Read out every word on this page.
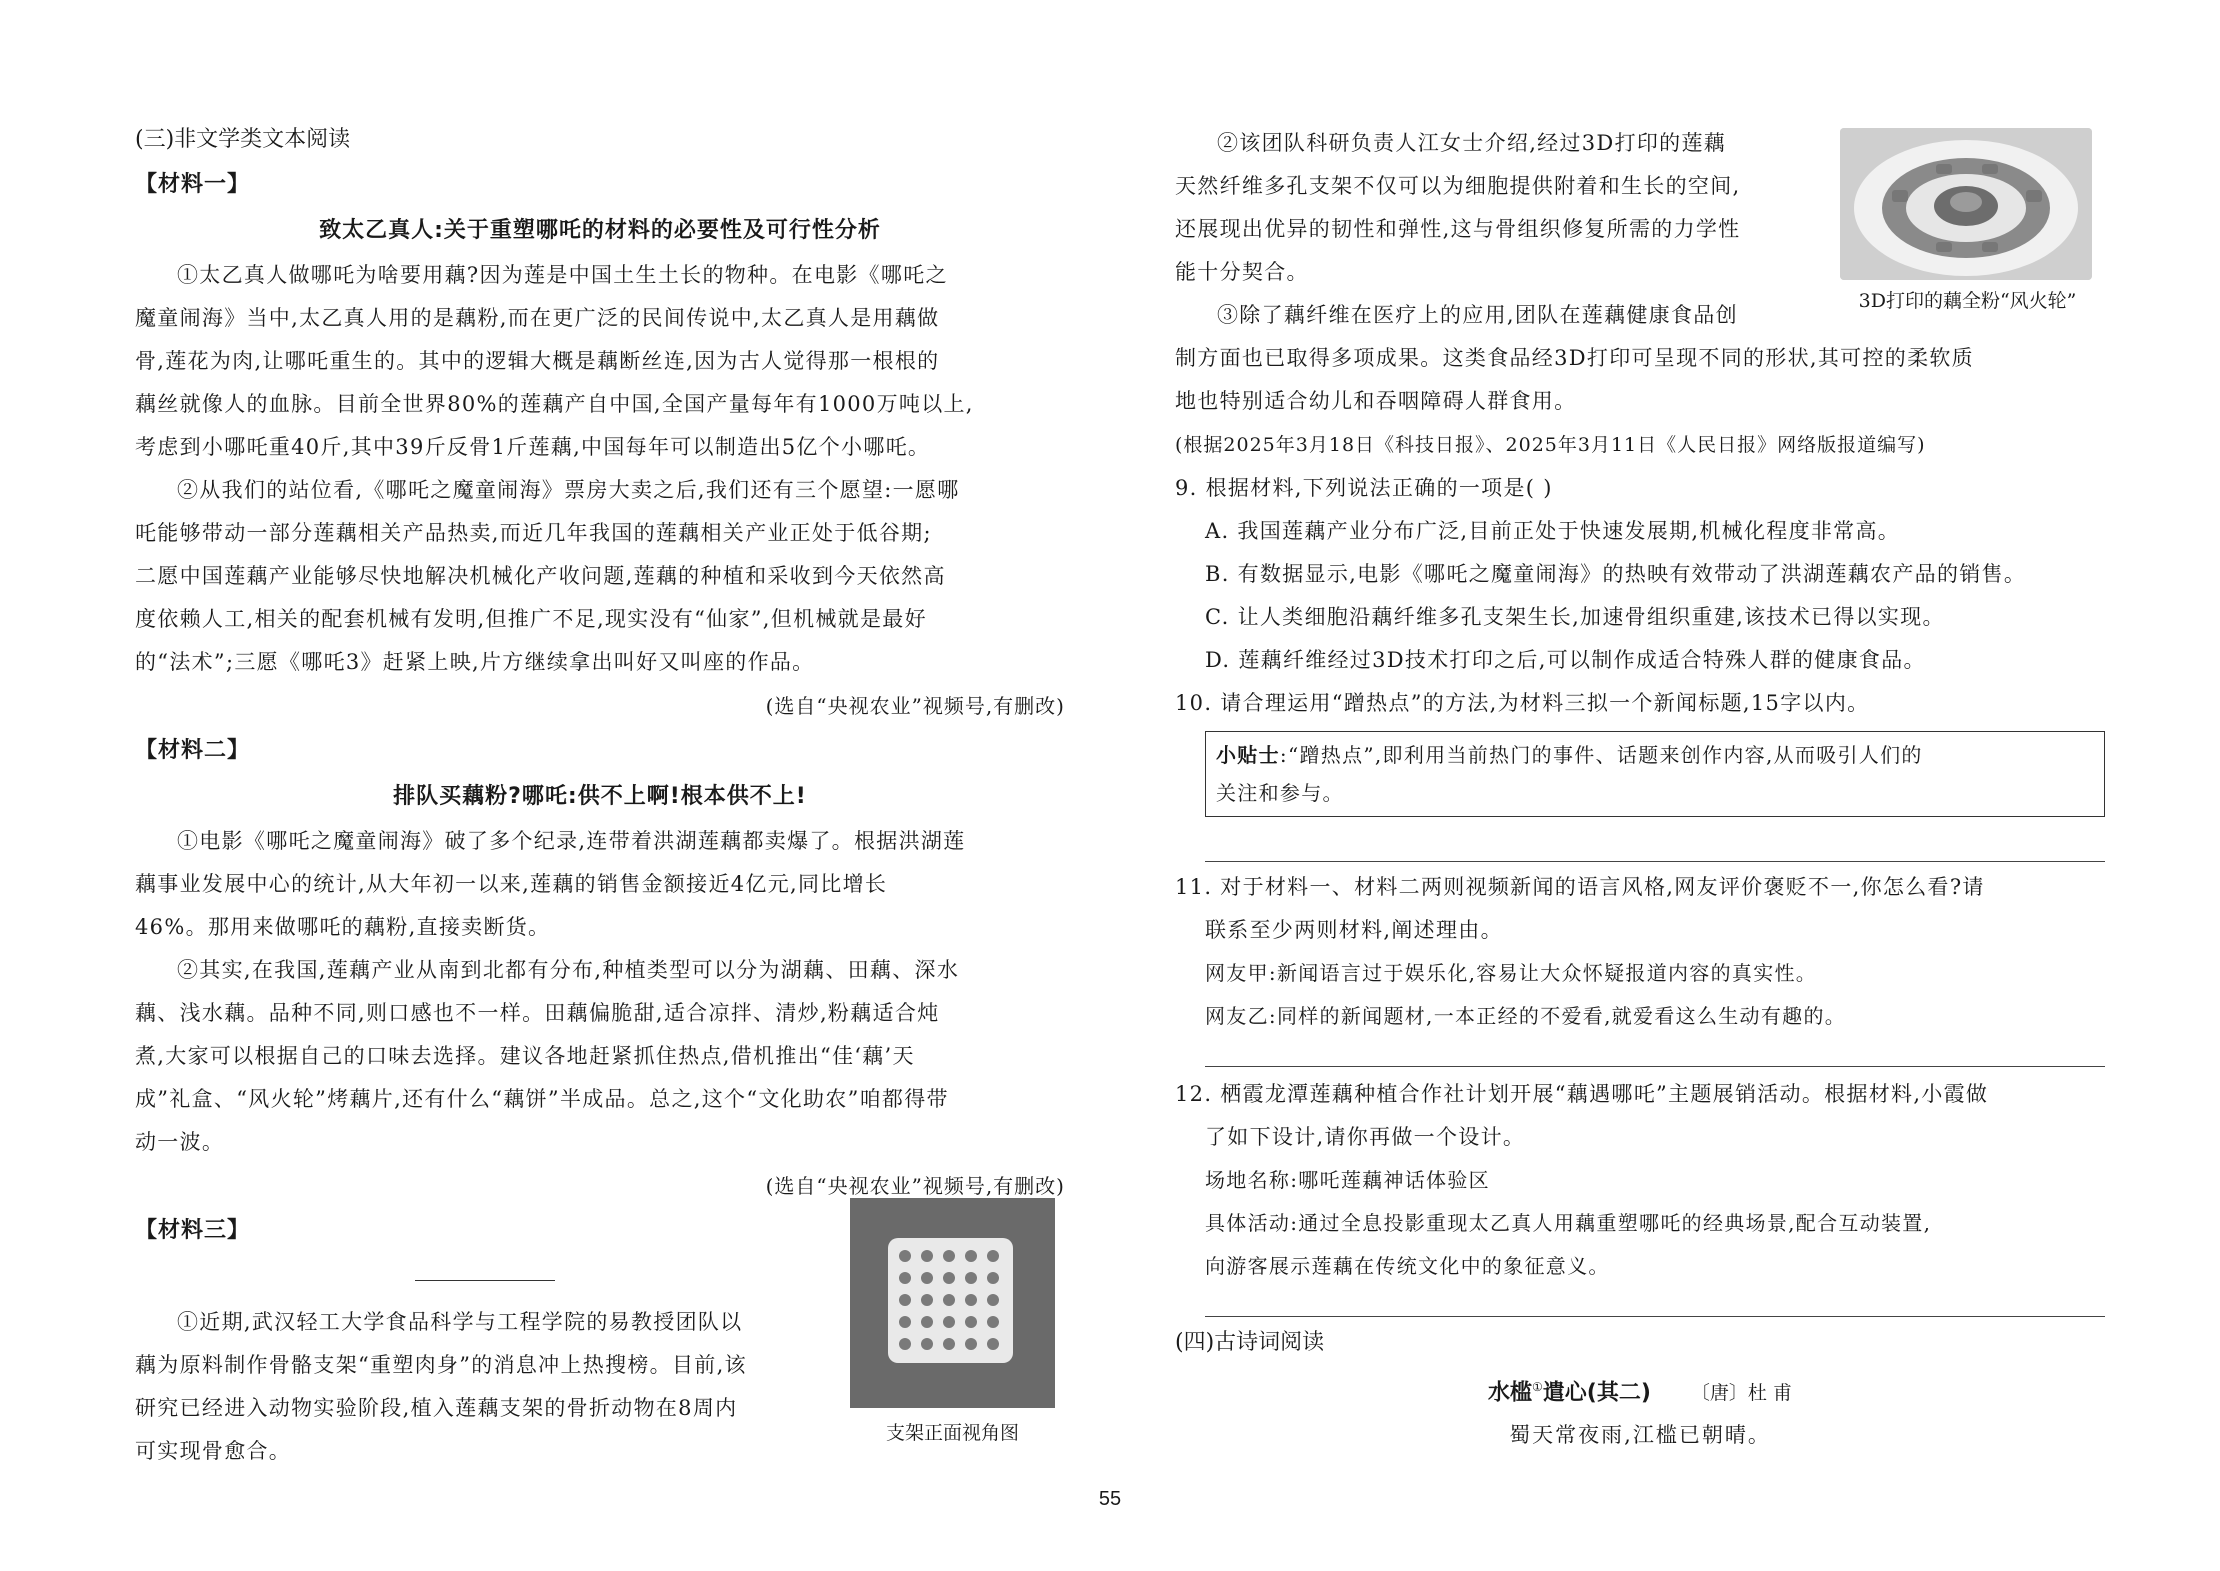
(三)非文学类文本阅读

【材料一】

致太乙真人:关于重塑哪吒的材料的必要性及可行性分析

①太乙真人做哪吒为啥要用藕?因为莲是中国土生土长的物种。在电影《哪吒之

魔童闹海》当中,太乙真人用的是藕粉,而在更广泛的民间传说中,太乙真人是用藕做

骨,莲花为肉,让哪吒重生的。其中的逻辑大概是藕断丝连,因为古人觉得那一根根的

藕丝就像人的血脉。目前全世界80%的莲藕产自中国,全国产量每年有1000万吨以上,

考虑到小哪吒重40斤,其中39斤反骨1斤莲藕,中国每年可以制造出5亿个小哪吒。

②从我们的站位看,《哪吒之魔童闹海》票房大卖之后,我们还有三个愿望:一愿哪

吒能够带动一部分莲藕相关产品热卖,而近几年我国的莲藕相关产业正处于低谷期;

二愿中国莲藕产业能够尽快地解决机械化产收问题,莲藕的种植和采收到今天依然高

度依赖人工,相关的配套机械有发明,但推广不足,现实没有“仙家”,但机械就是最好

的“法术”;三愿《哪吒3》赶紧上映,片方继续拿出叫好又叫座的作品。

(选自“央视农业”视频号,有删改)

【材料二】

排队买藕粉?哪吒:供不上啊!根本供不上!

①电影《哪吒之魔童闹海》破了多个纪录,连带着洪湖莲藕都卖爆了。根据洪湖莲

藕事业发展中心的统计,从大年初一以来,莲藕的销售金额接近4亿元,同比增长

46%。那用来做哪吒的藕粉,直接卖断货。

②其实,在我国,莲藕产业从南到北都有分布,种植类型可以分为湖藕、田藕、深水

藕、浅水藕。品种不同,则口感也不一样。田藕偏脆甜,适合凉拌、清炒,粉藕适合炖

煮,大家可以根据自己的口味去选择。建议各地赶紧抓住热点,借机推出“佳‘藕’天

成”礼盒、“风火轮”烤藕片,还有什么“藕饼”半成品。总之,这个“文化助农”咱都得带

动一波。

(选自“央视农业”视频号,有删改)

【材料三】

①近期,武汉轻工大学食品科学与工程学院的易教授团队以

藕为原料制作骨骼支架“重塑肉身”的消息冲上热搜榜。目前,该

研究已经进入动物实验阶段,植入莲藕支架的骨折动物在8周内

可实现骨愈合。

支架正面视角图

②该团队科研负责人江女士介绍,经过3D打印的莲藕

天然纤维多孔支架不仅可以为细胞提供附着和生长的空间,

还展现出优异的韧性和弹性,这与骨组织修复所需的力学性

能十分契合。

③除了藕纤维在医疗上的应用,团队在莲藕健康食品创

制方面也已取得多项成果。这类食品经3D打印可呈现不同的形状,其可控的柔软质

地也特别适合幼儿和吞咽障碍人群食用。

(根据2025年3月18日《科技日报》、2025年3月11日《人民日报》网络版报道编写)

9. 根据材料,下列说法正确的一项是( )

A. 我国莲藕产业分布广泛,目前正处于快速发展期,机械化程度非常高。

B. 有数据显示,电影《哪吒之魔童闹海》的热映有效带动了洪湖莲藕农产品的销售。

C. 让人类细胞沿藕纤维多孔支架生长,加速骨组织重建,该技术已得以实现。

D. 莲藕纤维经过3D技术打印之后,可以制作成适合特殊人群的健康食品。

10. 请合理运用“蹭热点”的方法,为材料三拟一个新闻标题,15字以内。

小贴士:“蹭热点”,即利用当前热门的事件、话题来创作内容,从而吸引人们的

关注和参与。

11. 对于材料一、材料二两则视频新闻的语言风格,网友评价褒贬不一,你怎么看?请

联系至少两则材料,阐述理由。

网友甲:新闻语言过于娱乐化,容易让大众怀疑报道内容的真实性。

网友乙:同样的新闻题材,一本正经的不爱看,就爱看这么生动有趣的。

12. 栖霞龙潭莲藕种植合作社计划开展“藕遇哪吒”主题展销活动。根据材料,小霞做

了如下设计,请你再做一个设计。

场地名称:哪吒莲藕神话体验区

具体活动:通过全息投影重现太乙真人用藕重塑哪吒的经典场景,配合互动装置,

向游客展示莲藕在传统文化中的象征意义。

(四)古诗词阅读

水槛①遣心(其二) 〔唐〕杜 甫

蜀天常夜雨,江槛已朝晴。

3D打印的藕全粉“风火轮”

55
